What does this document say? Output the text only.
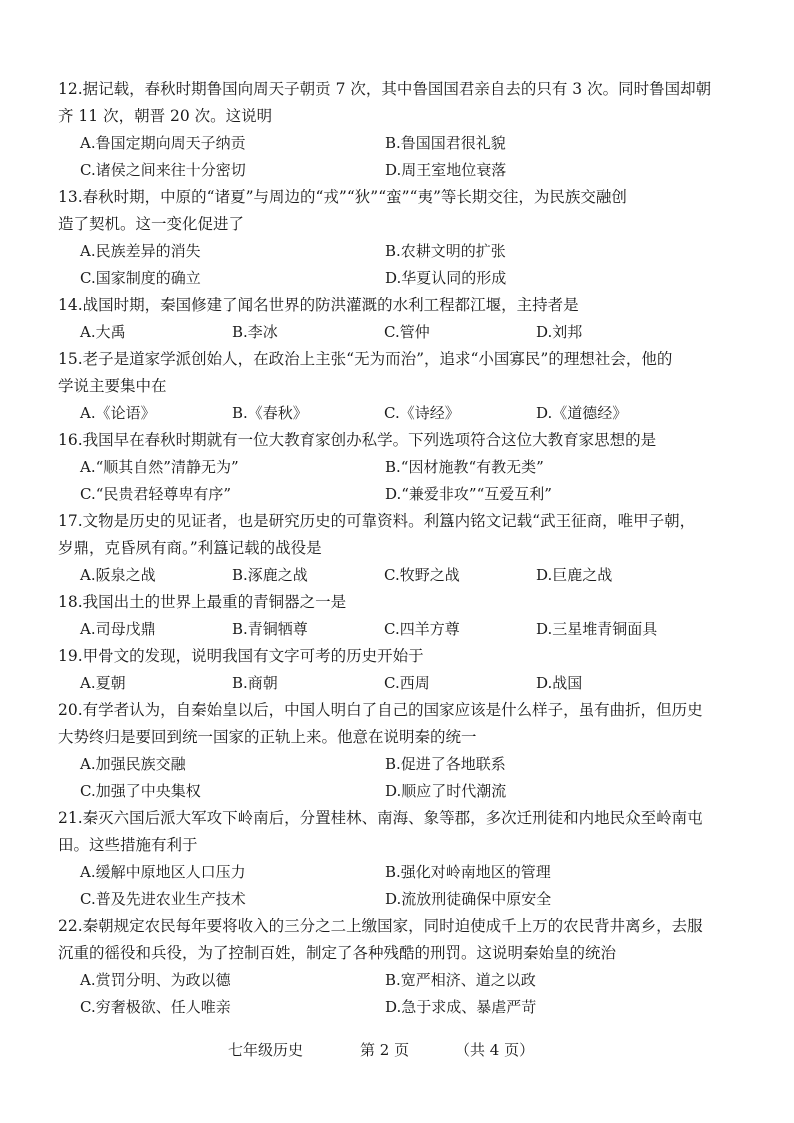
12.据记载，春秋时期鲁国向周天子朝贡 7 次，其中鲁国国君亲自去的只有 3 次。同时鲁国却朝
齐 11 次，朝晋 20 次。这说明
A.鲁国定期向周天子纳贡	B.鲁国国君很礼貌
C.诸侯之间来往十分密切	D.周王室地位衰落
13.春秋时期，中原的“诸夏”与周边的“戎”“狄”“蛮”“夷”等长期交往，为民族交融创
造了契机。这一变化促进了
A.民族差异的消失	B.农耕文明的扩张
C.国家制度的确立	D.华夏认同的形成
14.战国时期，秦国修建了闻名世界的防洪灌溉的水利工程都江堰，主持者是
A.大禹	B.李冰	C.管仲	D.刘邦
15.老子是道家学派创始人，在政治上主张“无为而治”，追求“小国寡民”的理想社会，他的
学说主要集中在
A.《论语》	B.《春秋》	C.《诗经》	D.《道德经》
16.我国早在春秋时期就有一位大教育家创办私学。下列选项符合这位大教育家思想的是
A.“顺其自然”清静无为”	B.“因材施教“有教无类”
C.“民贵君轻尊卑有序”	D.“兼爱非攻”“互爱互利”
17.文物是历史的见证者，也是研究历史的可靠资料。利簋内铭文记载“武王征商，唯甲子朝，
岁鼎，克昏夙有商。”利簋记载的战役是
A.阪泉之战	B.涿鹿之战	C.牧野之战	D.巨鹿之战
18.我国出土的世界上最重的青铜器之一是
A.司母戊鼎	B.青铜牺尊	C.四羊方尊	D.三星堆青铜面具
19.甲骨文的发现，说明我国有文字可考的历史开始于
A.夏朝	B.商朝	C.西周	D.战国
20.有学者认为，自秦始皇以后，中国人明白了自己的国家应该是什么样子，虽有曲折，但历史
大势终归是要回到统一国家的正轨上来。他意在说明秦的统一
A.加强民族交融	B.促进了各地联系
C.加强了中央集权	D.顺应了时代潮流
21.秦灭六国后派大军攻下岭南后，分置桂林、南海、象等郡，多次迁刑徒和内地民众至岭南屯
田。这些措施有利于
A.缓解中原地区人口压力	B.强化对岭南地区的管理
C.普及先进农业生产技术	D.流放刑徒确保中原安全
22.秦朝规定农民每年要将收入的三分之二上缴国家，同时迫使成千上万的农民背井离乡，去服
沉重的徭役和兵役，为了控制百姓，制定了各种残酷的刑罚。这说明秦始皇的统治
A.赏罚分明、为政以德	B.宽严相济、道之以政
C.穷奢极欲、任人唯亲	D.急于求成、暴虐严苛
七年级历史	第 2 页	（共 4 页）
